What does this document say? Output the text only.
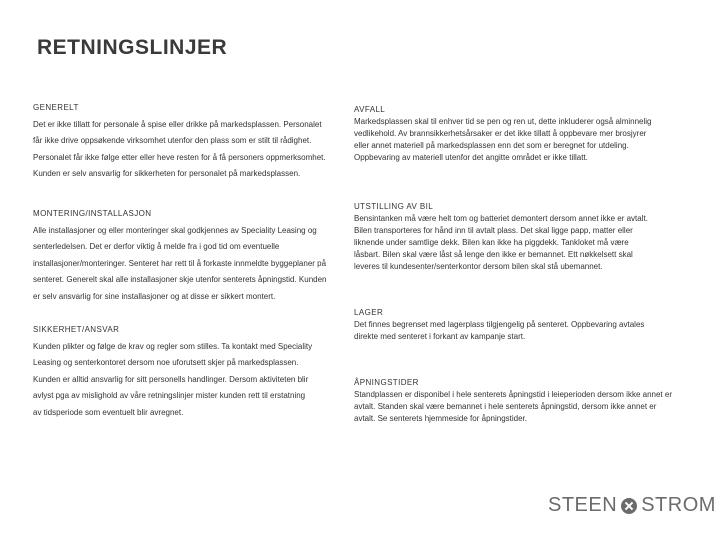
RETNINGSLINJER
GENERELT
Det er ikke tillatt for personale å spise eller drikke på markedsplassen. Personalet får ikke drive oppsøkende virksomhet utenfor den plass som er stilt til rådighet. Personalet får ikke følge etter eller heve resten for å få personers oppmerksomhet. Kunden er selv ansvarlig for sikkerheten for personalet på markedsplassen.
MONTERING/INSTALLASJON
Alle installasjoner og eller monteringer skal godkjennes av Speciality Leasing og senterledelsen. Det er derfor viktig å melde fra i god tid om eventuelle installasjoner/monteringer. Senteret har rett til å forkaste innmeldte byggeplaner på senteret. Generelt skal alle installasjoner skje utenfor senterets åpningstid. Kunden er selv ansvarlig for sine installasjoner og at disse er sikkert montert.
SIKKERHET/ANSVAR
Kunden plikter og følge de krav og regler som stilles. Ta kontakt med Speciality Leasing og senterkontoret dersom noe uforutsett skjer på markedsplassen. Kunden er alltid ansvarlig for sitt personells handlinger. Dersom aktiviteten blir avlyst pga av mislighold av våre retningslinjer mister kunden rett til erstatning av tidsperiode som eventuelt blir avregnet.
AVFALL
Markedsplassen skal til enhver tid se pen og ren ut, dette inkluderer også alminnelig vedlikehold. Av brannsikkerhetsårsaker er det ikke tillatt å oppbevare mer brosjyrer eller annet materiell på markedsplassen enn det som er beregnet for utdeling. Oppbevaring av materiell utenfor det angitte området er ikke tillatt.
UTSTILLING AV BIL
Bensintanken må være helt tom og batteriet demontert dersom annet ikke er avtalt. Bilen transporteres for hånd inn til avtalt plass. Det skal ligge papp, matter eller liknende under samtlige dekk. Bilen kan ikke ha piggdekk. Tankloket må være låsbart. Bilen skal være låst så lenge den ikke er bemannet. Ett nøkkelsett skal leveres til kundesenter/senterkontor dersom bilen skal stå ubemannet.
LAGER
Det finnes begrenset med lagerplass tilgjengelig på senteret. Oppbevaring avtales direkte med senteret i forkant av kampanje start.
ÅPNINGSTIDER
Standplassen er disponibel i hele senterets åpningstid i leieperioden dersom ikke annet er avtalt. Standen skal være bemannet i hele senterets åpningstid, dersom ikke annet er avtalt. Se senterets hjemmeside for åpningstider.
STEEN STROM
